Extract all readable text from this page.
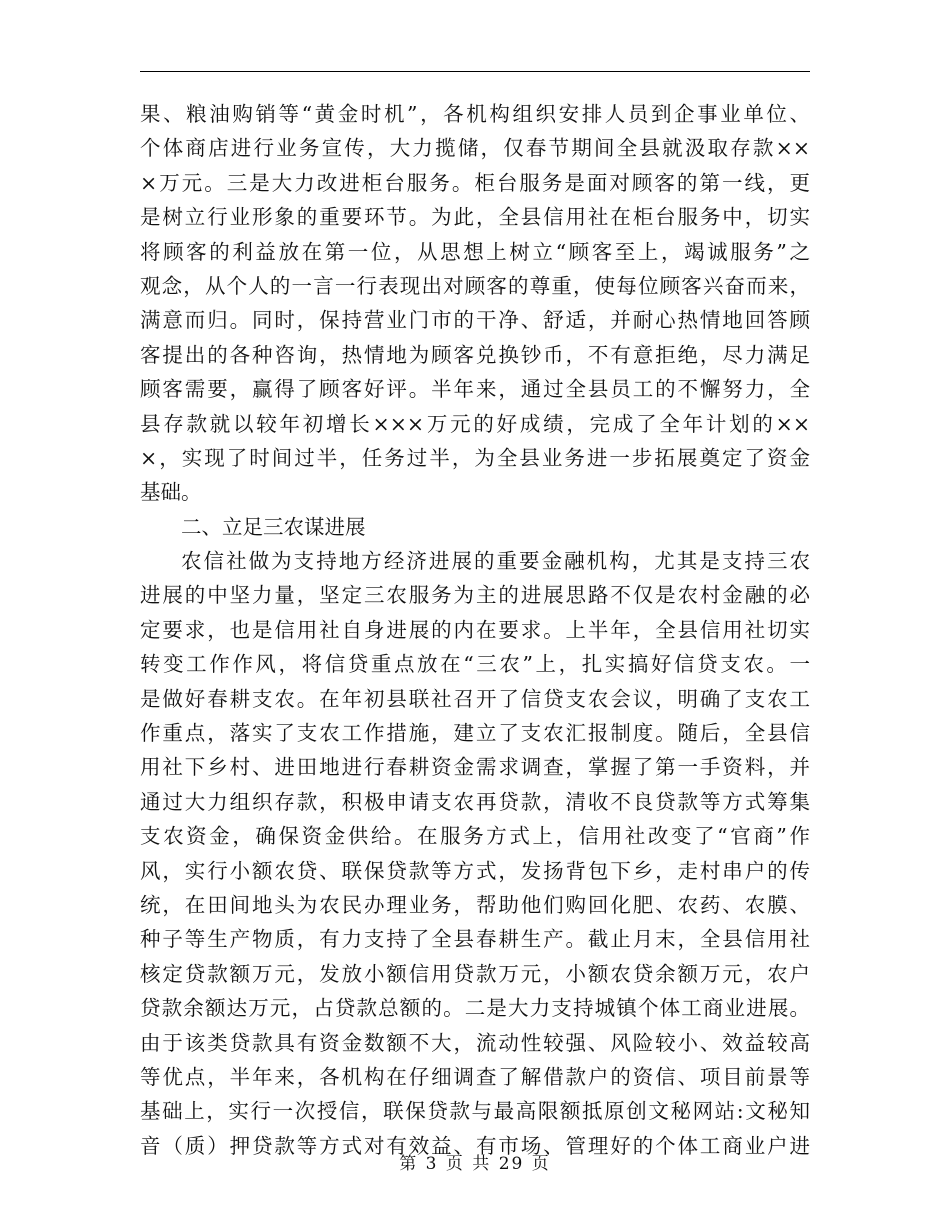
果、粮油购销等“黄金时机”，各机构组织安排人员到企事业单位、
个体商店进行业务宣传，大力揽储，仅春节期间全县就汲取存款××
×万元。三是大力改进柜台服务。柜台服务是面对顾客的第一线，更
是树立行业形象的重要环节。为此，全县信用社在柜台服务中，切实
将顾客的利益放在第一位，从思想上树立“顾客至上，竭诚服务”之
观念，从个人的一言一行表现出对顾客的尊重，使每位顾客兴奋而来，
满意而归。同时，保持营业门市的干净、舒适，并耐心热情地回答顾
客提出的各种咨询，热情地为顾客兑换钞币，不有意拒绝，尽力满足
顾客需要，赢得了顾客好评。半年来，通过全县员工的不懈努力，全
县存款就以较年初增长×××万元的好成绩，完成了全年计划的××
×，实现了时间过半，任务过半，为全县业务进一步拓展奠定了资金
基础。
二、立足三农谋进展
农信社做为支持地方经济进展的重要金融机构，尤其是支持三农
进展的中坚力量，坚定三农服务为主的进展思路不仅是农村金融的必
定要求，也是信用社自身进展的内在要求。上半年，全县信用社切实
转变工作作风，将信贷重点放在“三农”上，扎实搞好信贷支农。一
是做好春耕支农。在年初县联社召开了信贷支农会议，明确了支农工
作重点，落实了支农工作措施，建立了支农汇报制度。随后，全县信
用社下乡村、进田地进行春耕资金需求调查，掌握了第一手资料，并
通过大力组织存款，积极申请支农再贷款，清收不良贷款等方式筹集
支农资金，确保资金供给。在服务方式上，信用社改变了“官商”作
风，实行小额农贷、联保贷款等方式，发扬背包下乡，走村串户的传
统，在田间地头为农民办理业务，帮助他们购回化肥、农药、农膜、
种子等生产物质，有力支持了全县春耕生产。截止月末，全县信用社
核定贷款额万元，发放小额信用贷款万元，小额农贷余额万元，农户
贷款余额达万元，占贷款总额的。二是大力支持城镇个体工商业进展。
由于该类贷款具有资金数额不大，流动性较强、风险较小、效益较高
等优点，半年来，各机构在仔细调查了解借款户的资信、项目前景等
基础上，实行一次授信，联保贷款与最高限额抵原创文秘网站:文秘知
音（质）押贷款等方式对有效益、有市场、管理好的个体工商业户进
第 3 页 共 29 页
